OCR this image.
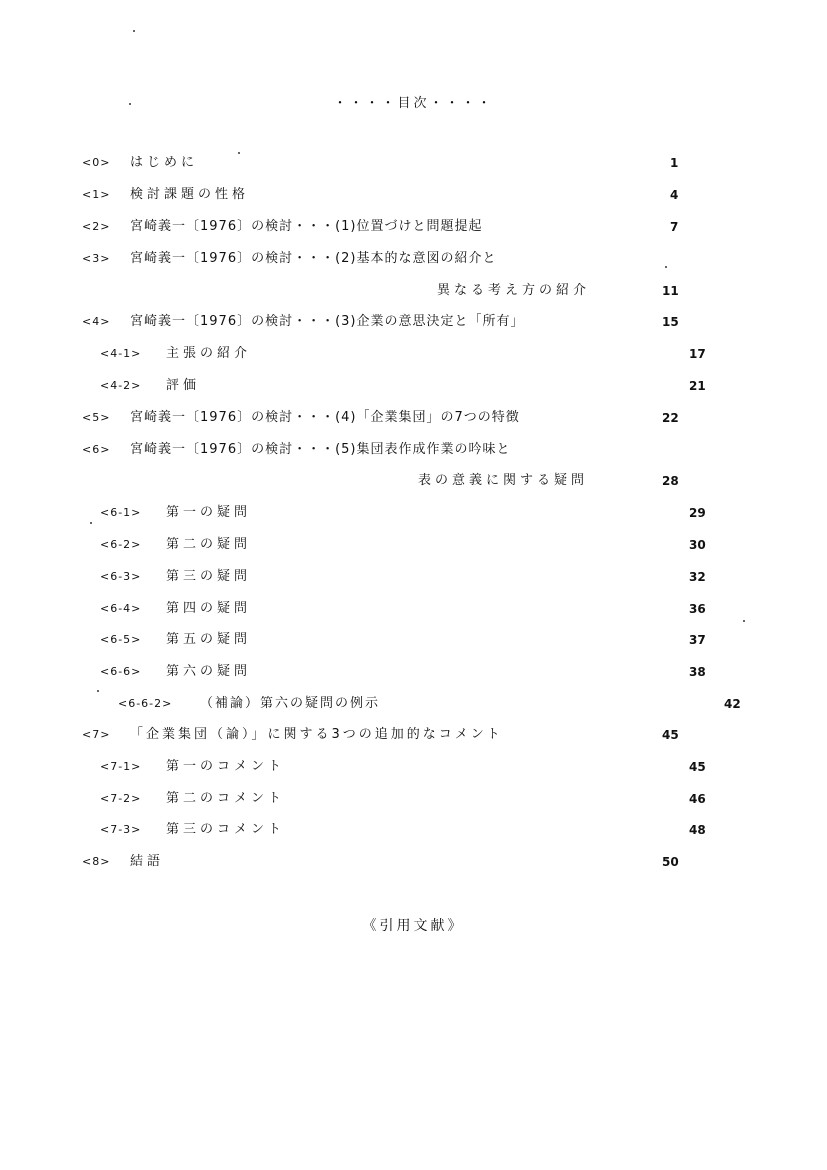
・・・・目次・・・・
<0> はじめに	1
<1> 検討課題の性格	4
<2> 宮崎義一〔1976〕の検討・・・(1)位置づけと問題提起	7
<3> 宮崎義一〔1976〕の検討・・・(2)基本的な意図の紹介と
異なる考え方の紹介	11
<4> 宮崎義一〔1976〕の検討・・・(3)企業の意思決定と「所有」	15
<4-1> 主張の紹介	17
<4-2> 評価	21
<5> 宮崎義一〔1976〕の検討・・・(4)「企業集団」の7つの特徴	22
<6> 宮崎義一〔1976〕の検討・・・(5)集団表作成作業の吟味と
表の意義に関する疑問	28
<6-1> 第一の疑問	29
<6-2> 第二の疑問	30
<6-3> 第三の疑問	32
<6-4> 第四の疑問	36
<6-5> 第五の疑問	37
<6-6> 第六の疑問	38
<6-6-2> （補論）第六の疑問の例示	42
<7> 「企業集団（論）」に関する3つの追加的なコメント	45
<7-1> 第一のコメント	45
<7-2> 第二のコメント	46
<7-3> 第三のコメント	48
<8> 結語	50
《引用文献》
